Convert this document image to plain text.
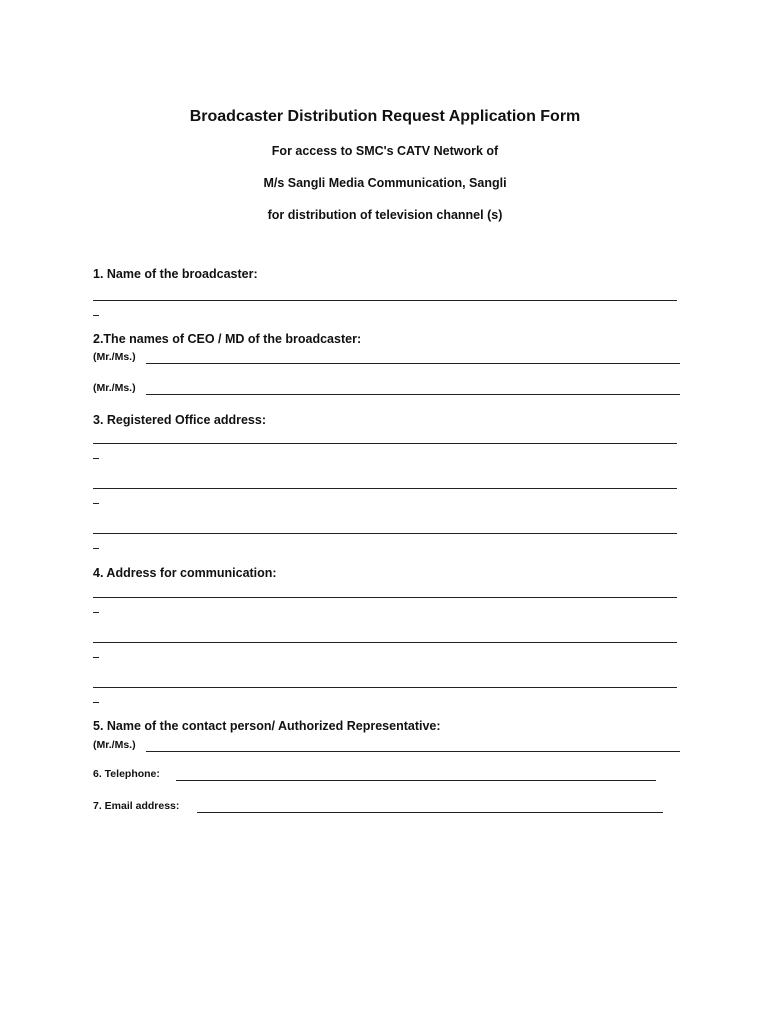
Broadcaster Distribution Request Application Form
For access to SMC's CATV Network of
M/s Sangli Media Communication, Sangli
for distribution of television channel (s)
1. Name of the broadcaster:
2.The names of CEO / MD of the broadcaster:
(Mr./Ms.)
(Mr./Ms.)
3. Registered Office address:
4. Address for communication:
5. Name of the contact person/ Authorized Representative:
(Mr./Ms.)
6. Telephone:
7. Email address:
